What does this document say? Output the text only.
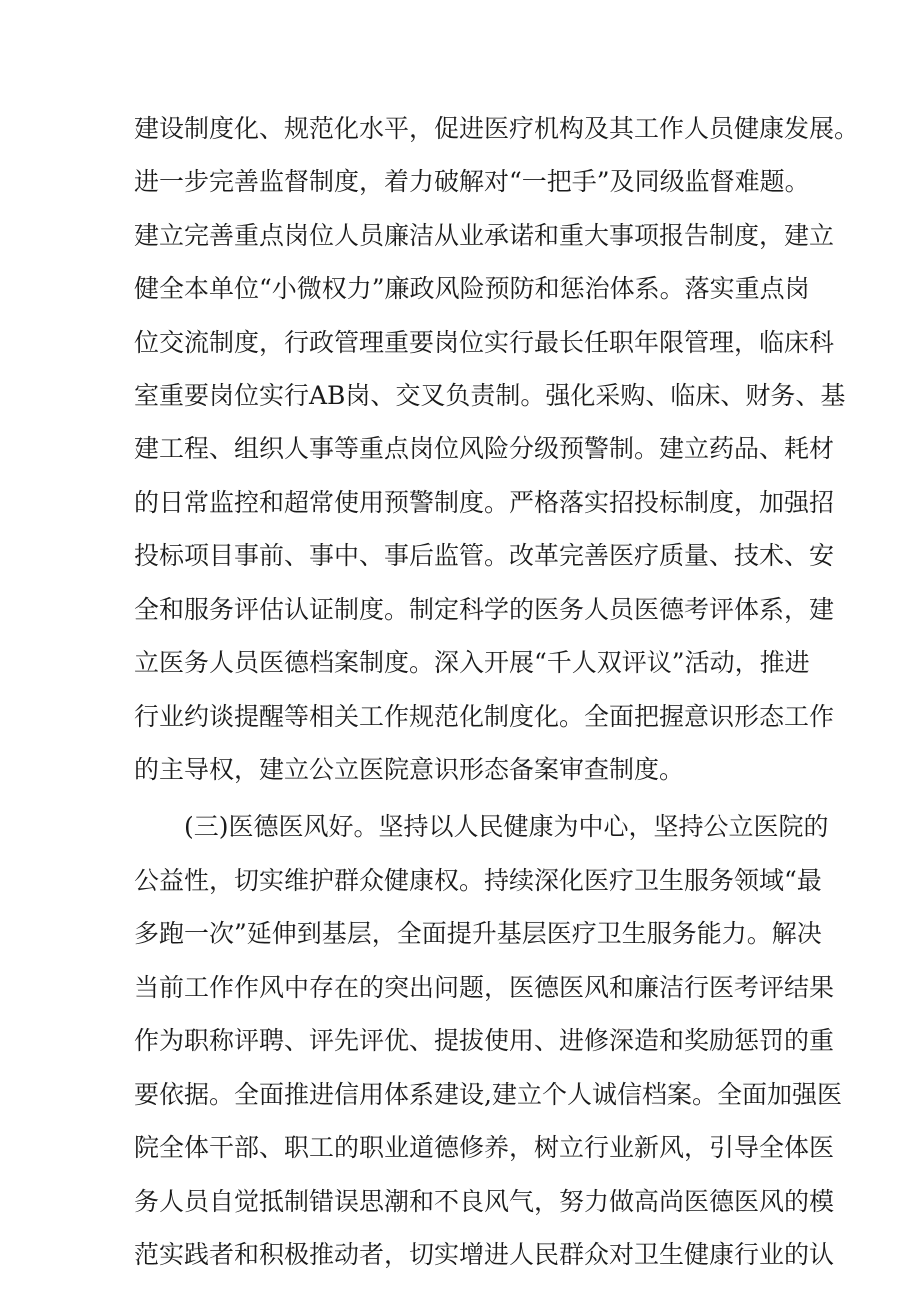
建设制度化、规范化水平，促进医疗机构及其工作人员健康发展。
进一步完善监督制度，着力破解对“一把手”及同级监督难题。
建立完善重点岗位人员廉洁从业承诺和重大事项报告制度，建立
健全本单位“小微权力”廉政风险预防和惩治体系。落实重点岗
位交流制度，行政管理重要岗位实行最长任职年限管理，临床科
室重要岗位实行AB岗、交叉负责制。强化采购、临床、财务、基
建工程、组织人事等重点岗位风险分级预警制。建立药品、耗材
的日常监控和超常使用预警制度。严格落实招投标制度，加强招
投标项目事前、事中、事后监管。改革完善医疗质量、技术、安
全和服务评估认证制度。制定科学的医务人员医德考评体系，建
立医务人员医德档案制度。深入开展“千人双评议”活动，推进
行业约谈提醒等相关工作规范化制度化。全面把握意识形态工作
的主导权，建立公立医院意识形态备案审查制度。
(三)医德医风好。坚持以人民健康为中心，坚持公立医院的
公益性，切实维护群众健康权。持续深化医疗卫生服务领域“最
多跑一次”延伸到基层，全面提升基层医疗卫生服务能力。解决
当前工作作风中存在的突出问题，医德医风和廉洁行医考评结果
作为职称评聘、评先评优、提拔使用、进修深造和奖励惩罚的重
要依据。全面推进信用体系建设,建立个人诚信档案。全面加强医
院全体干部、职工的职业道德修养，树立行业新风，引导全体医
务人员自觉抵制错误思潮和不良风气，努力做高尚医德医风的模
范实践者和积极推动者，切实增进人民群众对卫生健康行业的认
